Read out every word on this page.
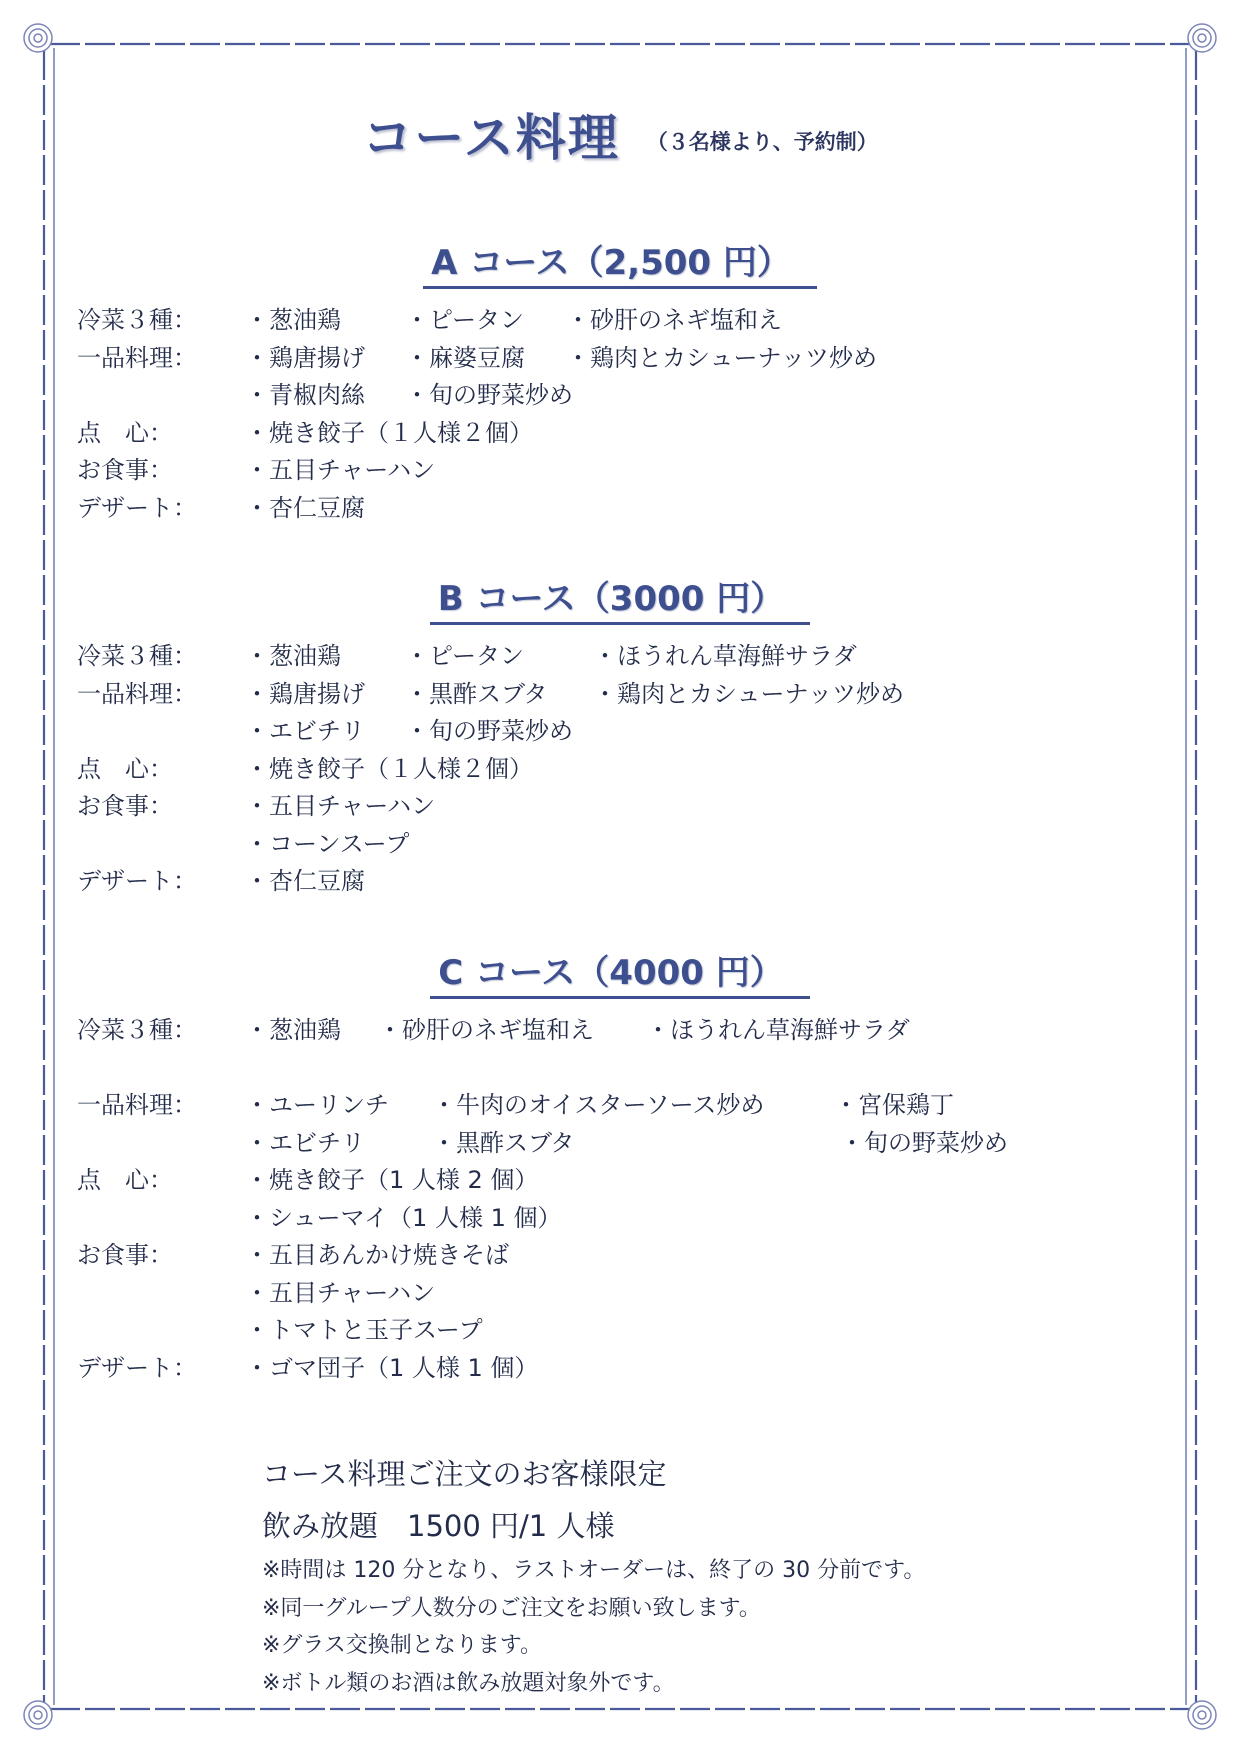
コース料理 （３名様より、予約制）
A コース（2,500 円）
冷菜３種： ・葱油鶏	・ピータン ・砂肝のネギ塩和え
一品料理： ・鶏唐揚げ ・麻婆豆腐 ・鶏肉とカシューナッツ炒め
・青椒肉絲 ・旬の野菜炒め
点　心：	・焼き餃子（１人様２個）
お食事：	・五目チャーハン
デザート： ・杏仁豆腐
B コース（3000 円）
冷菜３種： ・葱油鶏	・ピータン	・ほうれん草海鮮サラダ
一品料理： ・鶏唐揚げ ・黒酢スブタ ・鶏肉とカシューナッツ炒め
・エビチリ ・旬の野菜炒め
点　心：	・焼き餃子（１人様２個）
お食事：	・五目チャーハン
・コーンスープ
デザート： ・杏仁豆腐
C コース（4000 円）
冷菜３種： ・葱油鶏 ・砂肝のネギ塩和え ・ほうれん草海鮮サラダ
一品料理： ・ユーリンチ ・牛肉のオイスターソース炒め	・宮保鶏丁
・エビチリ	・黒酢スブタ	・旬の野菜炒め
点　心：	・焼き餃子（1 人様 2 個）
・シューマイ（1 人様 1 個）
お食事：	・五目あんかけ焼きそば
・五目チャーハン
・トマトと玉子スープ
デザート： ・ゴマ団子（1 人様 1 個）
コース料理ご注文のお客様限定
飲み放題　1500 円/1 人様
※時間は 120 分となり、ラストオーダーは、終了の 30 分前です。
※同一グループ人数分のご注文をお願い致します。
※グラス交換制となります。
※ボトル類のお酒は飲み放題対象外です。
